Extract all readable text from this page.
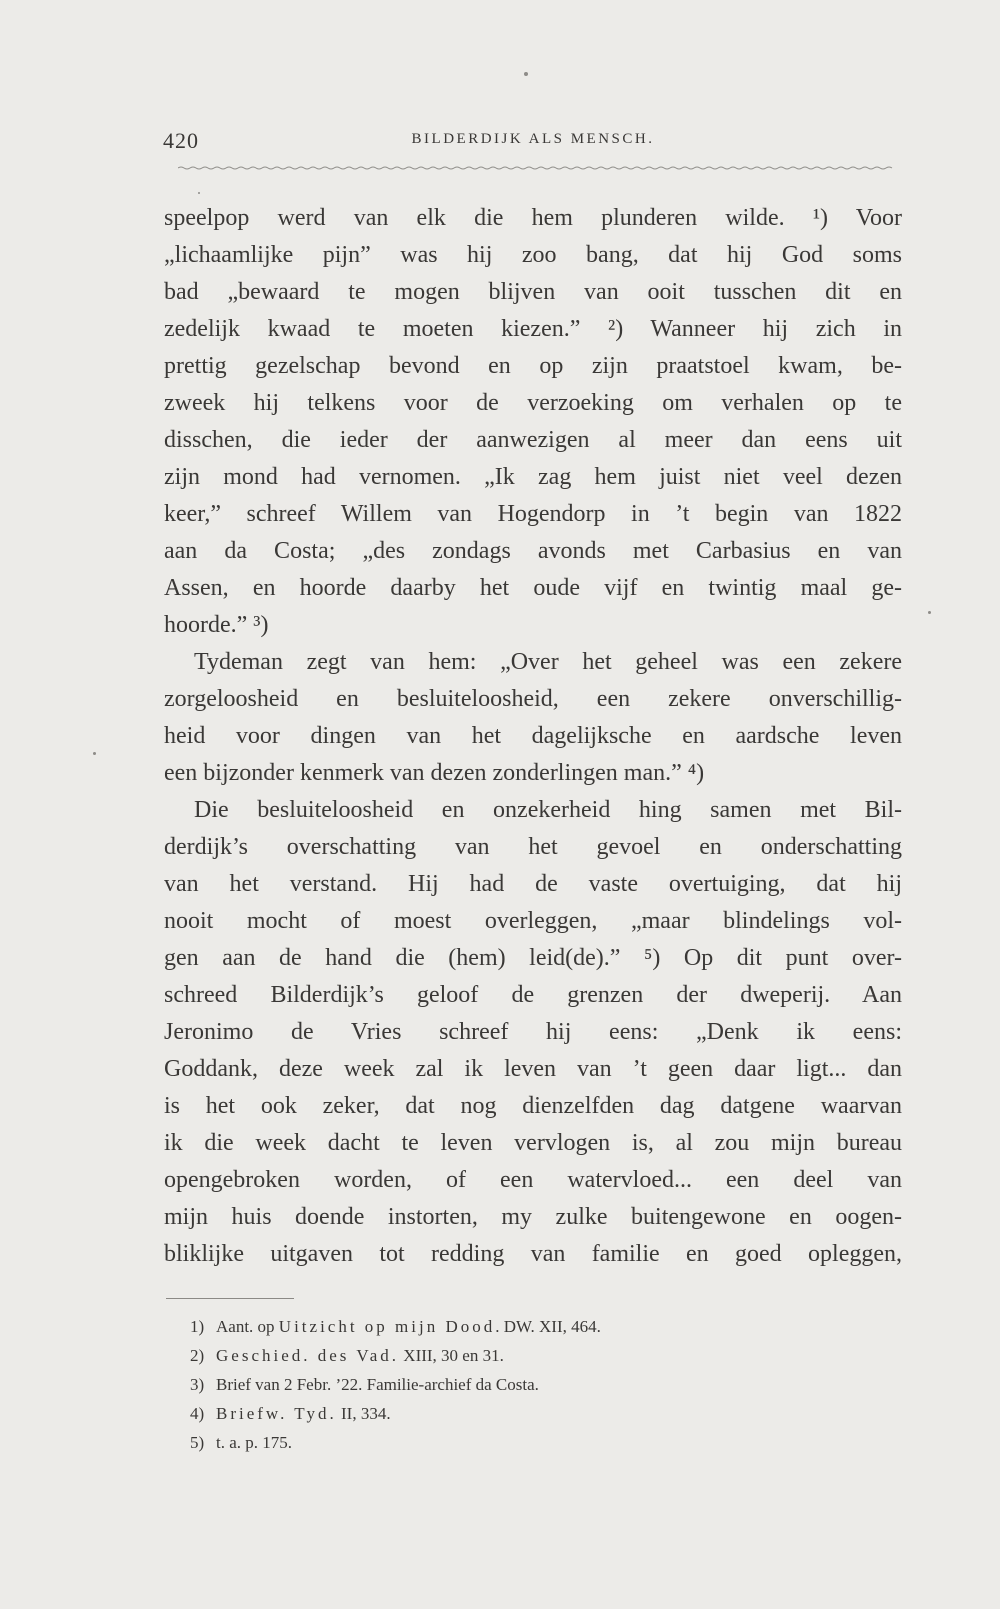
420	BILDERDIJK ALS MENSCH.
speelpop werd van elk die hem plunderen wilde. ¹) Voor
„lichaamlijke pijn” was hij zoo bang, dat hij God soms
bad „bewaard te mogen blijven van ooit tusschen dit en
zedelijk kwaad te moeten kiezen.” ²) Wanneer hij zich in
prettig gezelschap bevond en op zijn praatstoel kwam, be-
zweek hij telkens voor de verzoeking om verhalen op te
disschen, die ieder der aanwezigen al meer dan eens uit
zijn mond had vernomen. „Ik zag hem juist niet veel dezen
keer,” schreef Willem van Hogendorp in ’t begin van 1822
aan da Costa; „des zondags avonds met Carbasius en van
Assen, en hoorde daarby het oude vijf en twintig maal ge-
hoorde.” ³)
Tydeman zegt van hem: „Over het geheel was een zekere
zorgeloosheid en besluiteloosheid, een zekere onverschillig-
heid voor dingen van het dagelijksche en aardsche leven
een bijzonder kenmerk van dezen zonderlingen man.” ⁴)
Die besluiteloosheid en onzekerheid hing samen met Bil-
derdijk’s overschatting van het gevoel en onderschatting
van het verstand. Hij had de vaste overtuiging, dat hij
nooit mocht of moest overleggen, „maar blindelings vol-
gen aan de hand die (hem) leid(de).” ⁵) Op dit punt over-
schreed Bilderdijk’s geloof de grenzen der dweperij. Aan
Jeronimo de Vries schreef hij eens: „Denk ik eens:
Goddank, deze week zal ik leven van ’t geen daar ligt... dan
is het ook zeker, dat nog dienzelfden dag datgene waarvan
ik die week dacht te leven vervlogen is, al zou mijn bureau
opengebroken worden, of een watervloed... een deel van
mijn huis doende instorten, my zulke buitengewone en oogen-
bliklijke uitgaven tot redding van familie en goed opleggen,
1) Aant. op Uitzicht op mijn Dood. DW. XII, 464.
2) Geschied. des Vad. XIII, 30 en 31.
3) Brief van 2 Febr. ’22. Familie-archief da Costa.
4) Briefw. Tyd. II, 334.
5) t. a. p. 175.
